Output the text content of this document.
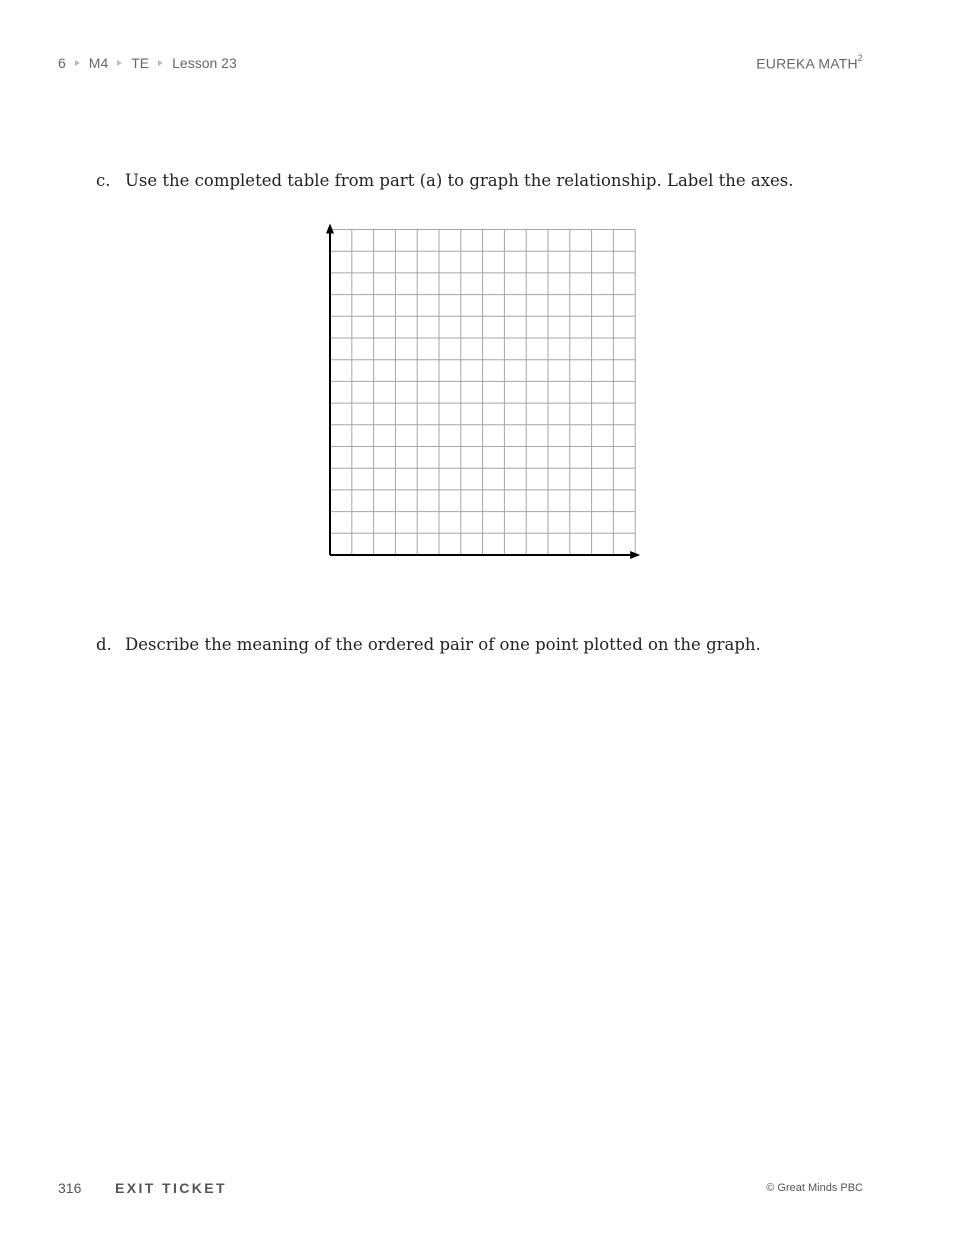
6 M4 TE Lesson 23	EUREKA MATH$^2$
c. Use the completed table from part (a) to graph the relationship. Label the axes.
d. Describe the meaning of the ordered pair of one point plotted on the graph.
316 EXIT TICKET	© Great Minds PBC
